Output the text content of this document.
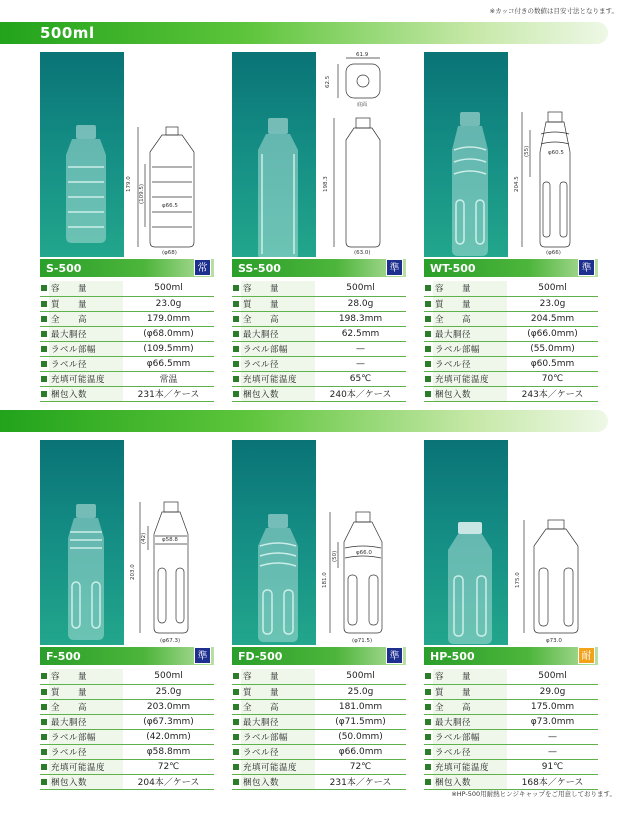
※カッコ付きの数値は目安寸法となります。
500ml
179.0 (109.5)
φ66.5
(φ68)
S-500	常
	容　　量	500ml

	質　　量	23.0g

	全　　高	179.0mm

	最大胴径	(φ68.0mm)

	ラベル部幅	(109.5mm)

	ラベル径	φ66.5mm

	充填可能温度	常温

	梱包入数	231本／ケース
61.9
62.5
底面
198.3
(63.0)
SS-500	準
	容　　量	500ml

	質　　量	28.0g

	全　　高	198.3mm

	最大胴径	62.5mm

	ラベル部幅	—

	ラベル径	—

	充填可能温度	65℃

	梱包入数	240本／ケース
204.5
(55)	φ60.5
(φ66)
WT-500	準
	容　　量	500ml

	質　　量	23.0g

	全　　高	204.5mm

	最大胴径	(φ66.0mm)

	ラベル部幅	(55.0mm)

	ラベル径	φ60.5mm

	充填可能温度	70℃

	梱包入数	243本／ケース
203.0
(42)	φ58.8
(φ67.3)
F-500	準
	容　　量	500ml

	質　　量	25.0g

	全　　高	203.0mm

	最大胴径	(φ67.3mm)

	ラベル部幅	(42.0mm)

	ラベル径	φ58.8mm

	充填可能温度	72℃

	梱包入数	204本／ケース
181.0
(50)	φ66.0
(φ71.5)
FD-500	準
	容　　量	500ml

	質　　量	25.0g

	全　　高	181.0mm

	最大胴径	(φ71.5mm)

	ラベル部幅	(50.0mm)

	ラベル径	φ66.0mm

	充填可能温度	72℃

	梱包入数	231本／ケース
175.0
φ73.0
HP-500	耐
	容　　量	500ml

	質　　量	29.0g

	全　　高	175.0mm

	最大胴径	φ73.0mm

	ラベル部幅	—

	ラベル径	—

	充填可能温度	91℃

	梱包入数	168本／ケース
※HP-500用耐熱ヒンジキャップをご用意しております。
